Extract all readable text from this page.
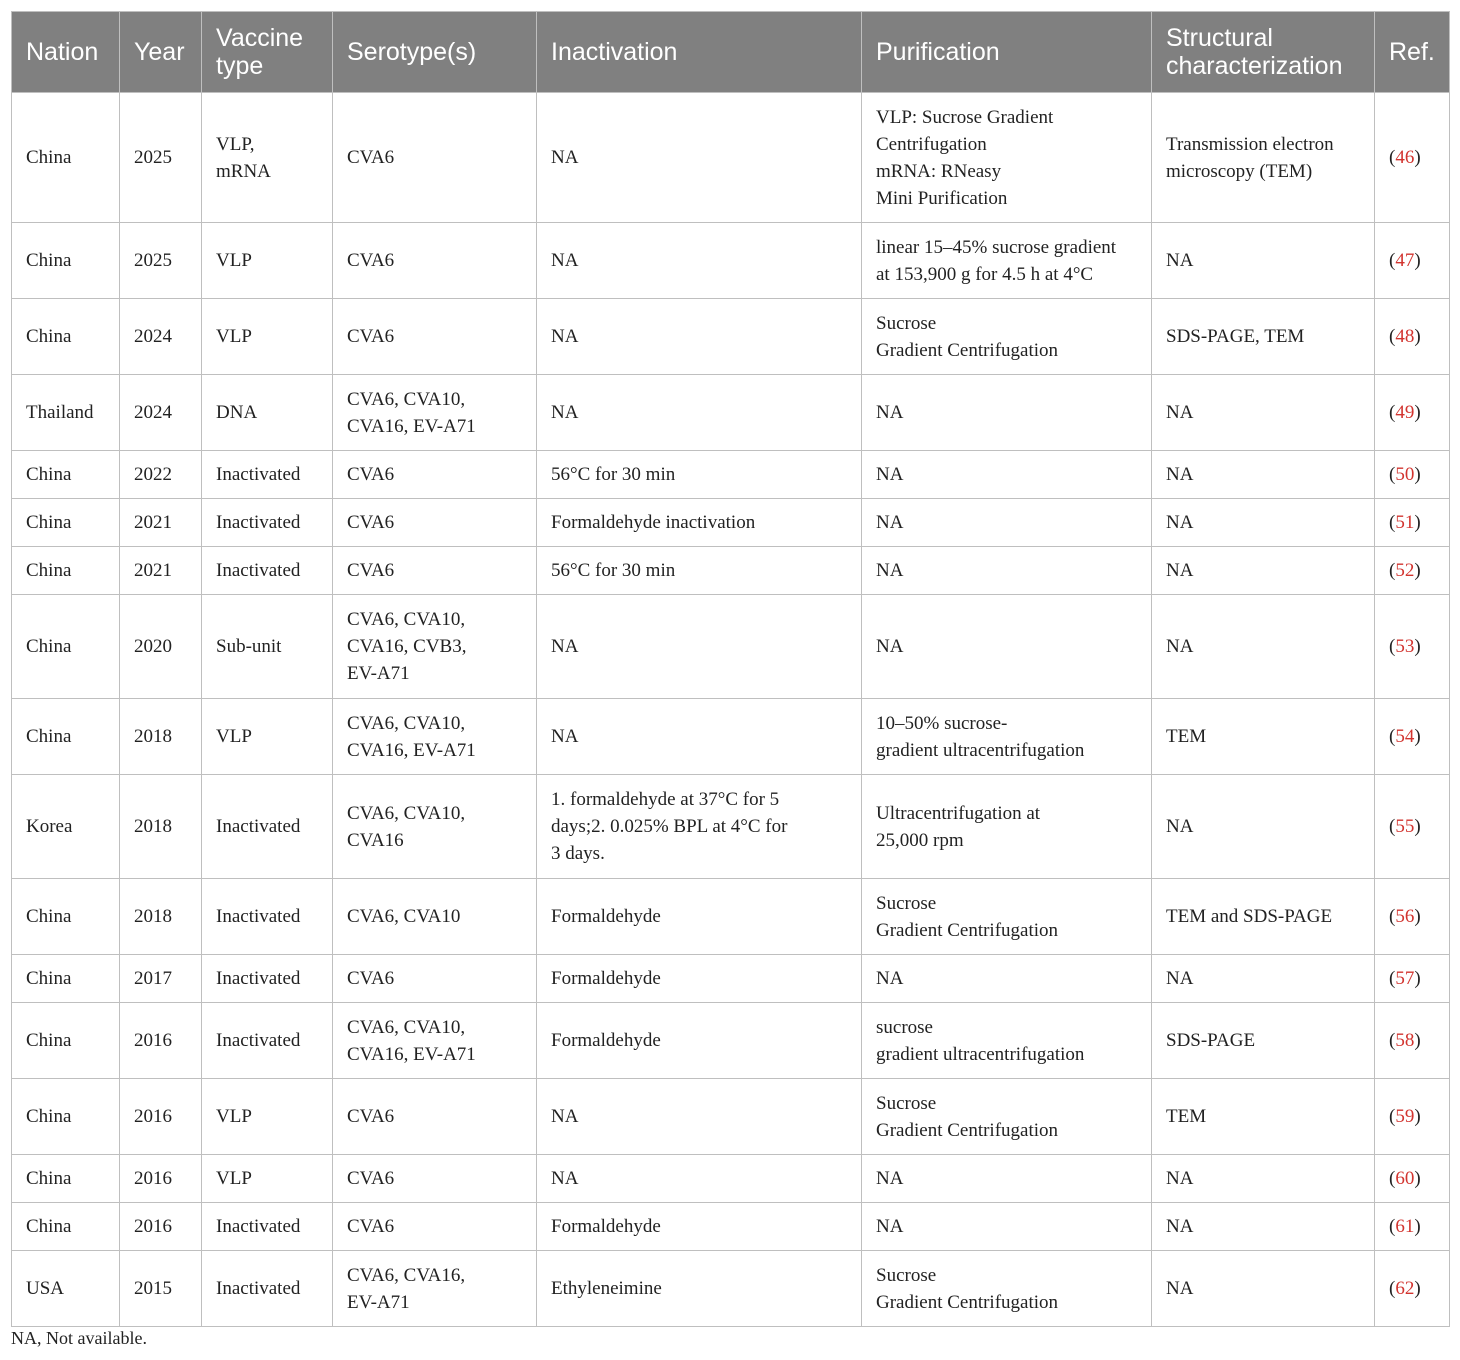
Nation	Year	Vaccine
type	Serotype(s)	Inactivation	Purification	Structural
characterization	Ref.
China	2025	VLP,
mRNA	CVA6	NA	VLP: Sucrose Gradient
Centrifugation
mRNA: RNeasy
Mini Purification	Transmission electron
microscopy (TEM)	(46)
China	2025	VLP	CVA6	NA	linear 15–45% sucrose gradient
at 153,900 g for 4.5 h at 4°C	NA	(47)
China	2024	VLP	CVA6	NA	Sucrose
Gradient Centrifugation	SDS-PAGE, TEM	(48)
Thailand	2024	DNA	CVA6, CVA10,
CVA16, EV-A71	NA	NA	NA	(49)
China	2022	Inactivated	CVA6	56°C for 30 min	NA	NA	(50)
China	2021	Inactivated	CVA6	Formaldehyde inactivation	NA	NA	(51)
China	2021	Inactivated	CVA6	56°C for 30 min	NA	NA	(52)
China	2020	Sub-unit	CVA6, CVA10,
CVA16, CVB3,
EV-A71	NA	NA	NA	(53)
China	2018	VLP	CVA6, CVA10,
CVA16, EV-A71	NA	10–50% sucrose-
gradient ultracentrifugation	TEM	(54)
Korea	2018	Inactivated	CVA6, CVA10,
CVA16	1. formaldehyde at 37°C for 5
days;2. 0.025% BPL at 4°C for
3 days.	Ultracentrifugation at
25,000 rpm	NA	(55)
China	2018	Inactivated	CVA6, CVA10	Formaldehyde	Sucrose
Gradient Centrifugation	TEM and SDS-PAGE	(56)
China	2017	Inactivated	CVA6	Formaldehyde	NA	NA	(57)
China	2016	Inactivated	CVA6, CVA10,
CVA16, EV-A71	Formaldehyde	sucrose
gradient ultracentrifugation	SDS-PAGE	(58)
China	2016	VLP	CVA6	NA	Sucrose
Gradient Centrifugation	TEM	(59)
China	2016	VLP	CVA6	NA	NA	NA	(60)
China	2016	Inactivated	CVA6	Formaldehyde	NA	NA	(61)
USA	2015	Inactivated	CVA6, CVA16,
EV-A71	Ethyleneimine	Sucrose
Gradient Centrifugation	NA	(62)
NA, Not available.
